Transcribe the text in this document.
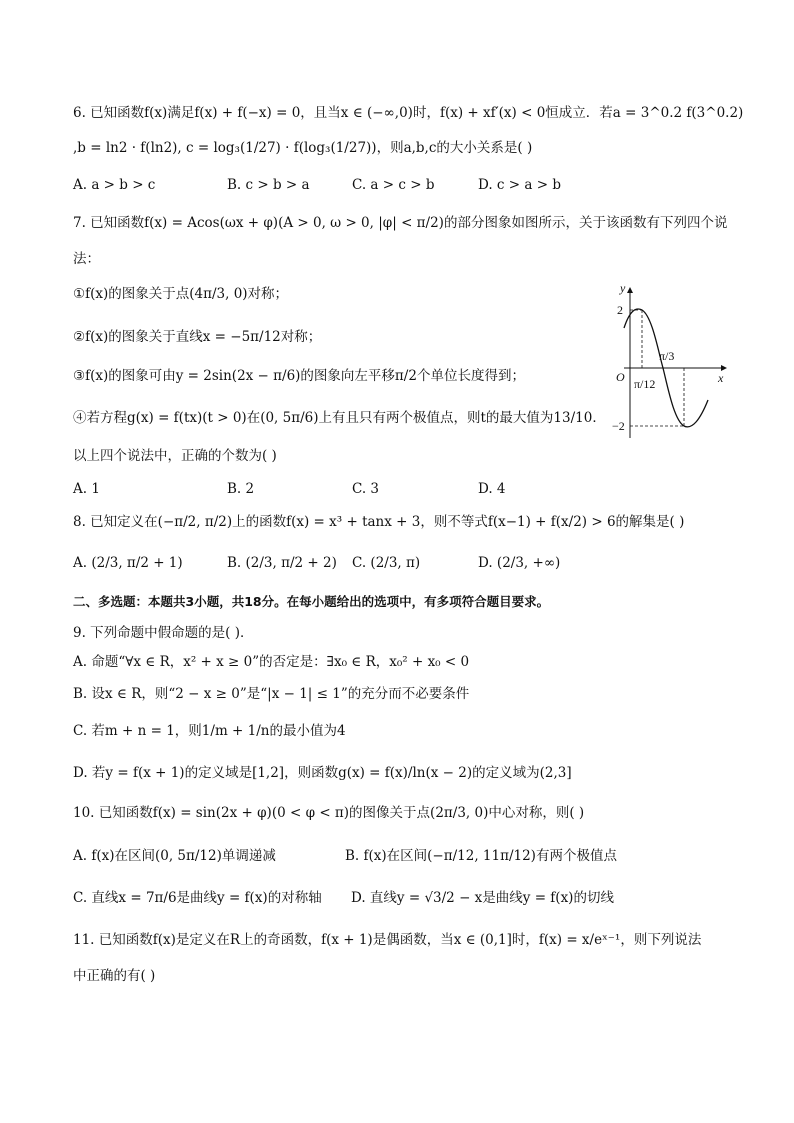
6. 已知函数f(x)满足f(x) + f(−x) = 0，且当x ∈ (−∞,0)时，f(x) + xf′(x) < 0恒成立．若a = 3^0.2 f(3^0.2)
,b = ln2 · f(ln2), c = log₃(1/27) · f(log₃(1/27))，则a,b,c的大小关系是( )
A. a > b > c	B. c > b > a	C. a > c > b	D. c > a > b
7. 已知函数f(x) = Acos(ωx + φ)(A > 0, ω > 0, |φ| < π/2)的部分图象如图所示，关于该函数有下列四个说
法：
①f(x)的图象关于点(4π/3, 0)对称；
②f(x)的图象关于直线x = −5π/12对称；
③f(x)的图象可由y = 2sin(2x − π/6)的图象向左平移π/2个单位长度得到；
④若方程g(x) = f(tx)(t > 0)在(0, 5π/6)上有且只有两个极值点，则t的最大值为13/10．
以上四个说法中，正确的个数为( )
A. 1	B. 2	C. 3	D. 4
y
x
O
2
−2
π/12
π/3
8. 已知定义在(−π/2, π/2)上的函数f(x) = x³ + tanx + 3，则不等式f(x−1) + f(x/2) > 6的解集是( )
A. (2/3, π/2 + 1)	B. (2/3, π/2 + 2) C. (2/3, π)	D. (2/3, +∞)
二、多选题：本题共3小题，共18分。在每小题给出的选项中，有多项符合题目要求。
9. 下列命题中假命题的是( )．
A. 命题“∀x ∈ R，x² + x ≥ 0”的否定是：∃x₀ ∈ R，x₀² + x₀ < 0
B. 设x ∈ R，则“2 − x ≥ 0”是“|x − 1| ≤ 1”的充分而不必要条件
C. 若m + n = 1，则1/m + 1/n的最小值为4
D. 若y = f(x + 1)的定义域是[1,2]，则函数g(x) = f(x)/ln(x − 2)的定义域为(2,3]
10. 已知函数f(x) = sin(2x + φ)(0 < φ < π)的图像关于点(2π/3, 0)中心对称，则( )
A. f(x)在区间(0, 5π/12)单调递减	B. f(x)在区间(−π/12, 11π/12)有两个极值点
C. 直线x = 7π/6是曲线y = f(x)的对称轴	D. 直线y = √3/2 − x是曲线y = f(x)的切线
11. 已知函数f(x)是定义在R上的奇函数，f(x + 1)是偶函数，当x ∈ (0,1]时，f(x) = x/eˣ⁻¹，则下列说法
中正确的有( )
